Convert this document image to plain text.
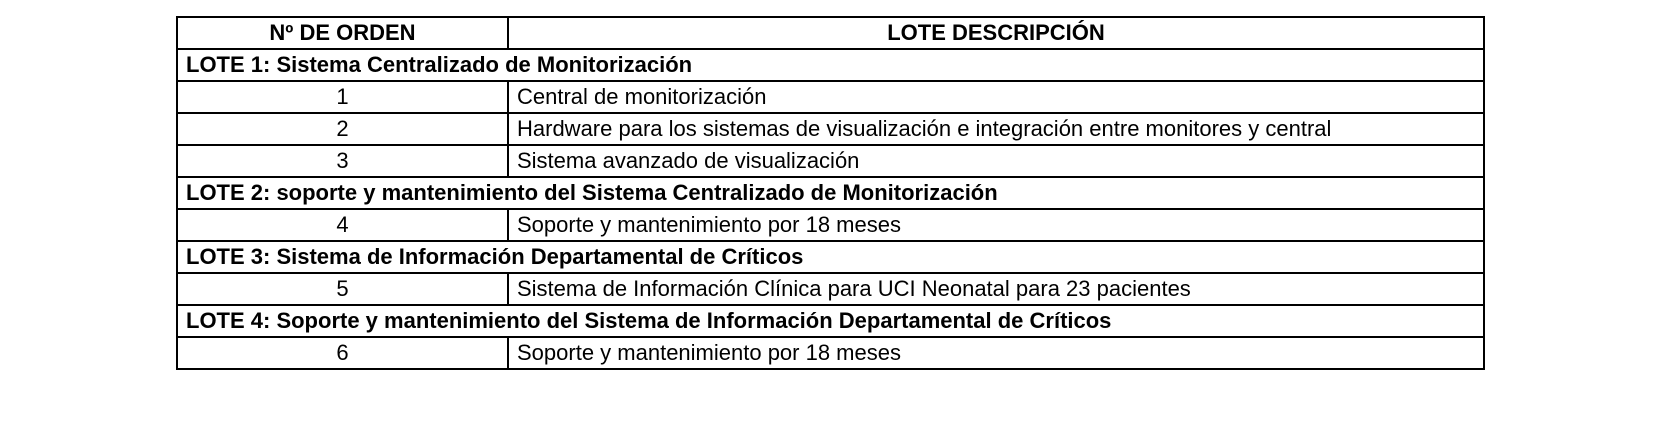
Nº DE ORDEN	LOTE DESCRIPCIÓN
LOTE 1: Sistema Centralizado de Monitorización	
1	Central de monitorización
2	Hardware para los sistemas de visualización e integración entre monitores y central
3	Sistema avanzado de visualización
LOTE 2: soporte y mantenimiento del Sistema Centralizado de Monitorización	
4	Soporte y mantenimiento por 18 meses
LOTE 3: Sistema de Información Departamental de Críticos	
5	Sistema de Información Clínica para UCI Neonatal para 23 pacientes
LOTE 4: Soporte y mantenimiento del Sistema de Información Departamental de Críticos	
6	Soporte y mantenimiento por 18 meses
